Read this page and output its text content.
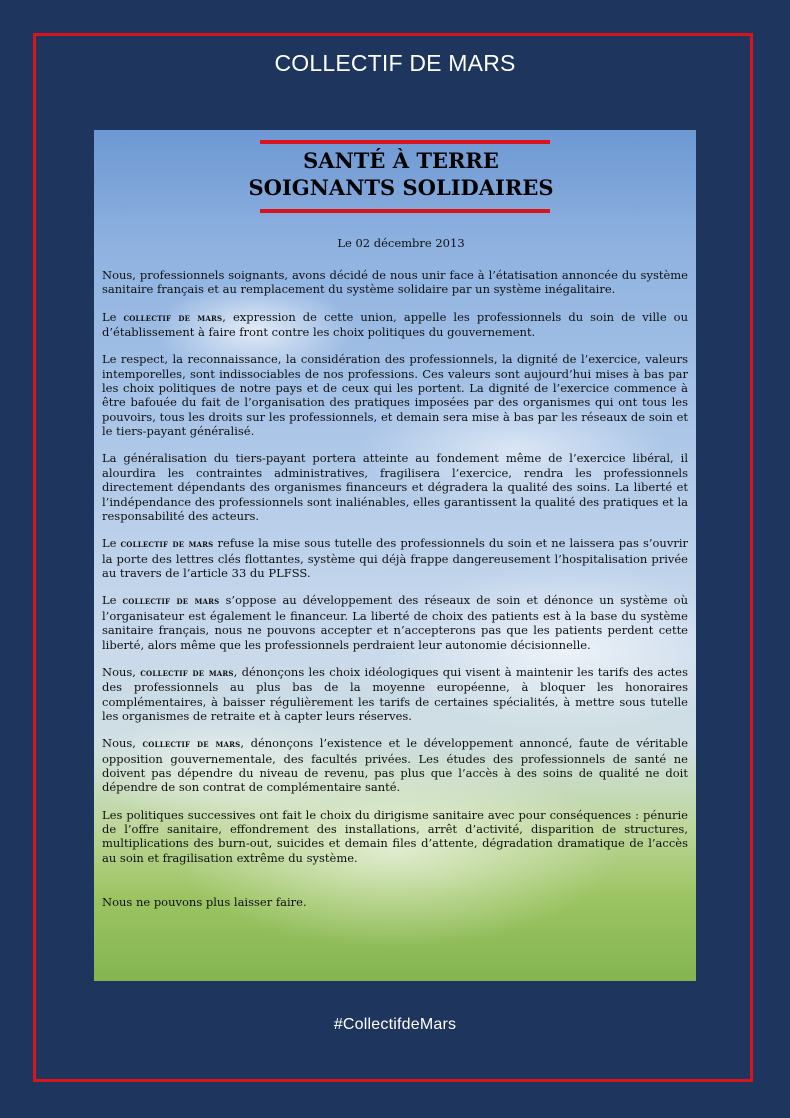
COLLECTIF DE MARS
SANTÉ À TERRE
SOIGNANTS SOLIDAIRES
Le 02 décembre 2013

Nous, professionnels soignants, avons décidé de nous unir face à l’étatisation annoncée du système sanitaire français et au remplacement du système solidaire par un système inégalitaire.

Le collectif de mars, expression de cette union, appelle les professionnels du soin de ville ou d’établissement à faire front contre les choix politiques du gouvernement.

Le respect, la reconnaissance, la considération des professionnels, la dignité de l’exercice, valeurs intemporelles, sont indissociables de nos professions. Ces valeurs sont aujourd’hui mises à bas par les choix politiques de notre pays et de ceux qui les portent. La dignité de l’exercice commence à être bafouée du fait de l’organisation des pratiques imposées par des organismes qui ont tous les pouvoirs, tous les droits sur les professionnels, et demain sera mise à bas par les réseaux de soin et le tiers-payant généralisé.

La généralisation du tiers-payant portera atteinte au fondement même de l’exercice libéral, il alourdira les contraintes administratives, fragilisera l’exercice, rendra les professionnels directement dépendants des organismes financeurs et dégradera la qualité des soins. La liberté et l’indépendance des professionnels sont inaliénables, elles garantissent la qualité des pratiques et la responsabilité des acteurs.

Le collectif de mars refuse la mise sous tutelle des professionnels du soin et ne laissera pas s’ouvrir la porte des lettres clés flottantes, système qui déjà frappe dangereusement l’hospitalisation privée au travers de l’article 33 du PLFSS.

Le collectif de mars s’oppose au développement des réseaux de soin et dénonce un système où l’organisateur est également le financeur. La liberté de choix des patients est à la base du système sanitaire français, nous ne pouvons accepter et n’accepterons pas que les patients perdent cette liberté, alors même que les professionnels perdraient leur autonomie décisionnelle.

Nous, collectif de mars, dénonçons les choix idéologiques qui visent à maintenir les tarifs des actes des professionnels au plus bas de la moyenne européenne, à bloquer les honoraires complémentaires, à baisser régulièrement les tarifs de certaines spécialités, à mettre sous tutelle les organismes de retraite et à capter leurs réserves.

Nous, collectif de mars, dénonçons l’existence et le développement annoncé, faute de véritable opposition gouvernementale, des facultés privées. Les études des professionnels de santé ne doivent pas dépendre du niveau de revenu, pas plus que l’accès à des soins de qualité ne doit dépendre de son contrat de complémentaire santé.

Les politiques successives ont fait le choix du dirigisme sanitaire avec pour conséquences : pénurie de l’offre sanitaire, effondrement des installations, arrêt d’activité, disparition de structures, multiplications des burn-out, suicides et demain files d’attente, dégradation dramatique de l’accès au soin et fragilisation extrême du système.

Nous ne pouvons plus laisser faire.

#CollectifdeMars
